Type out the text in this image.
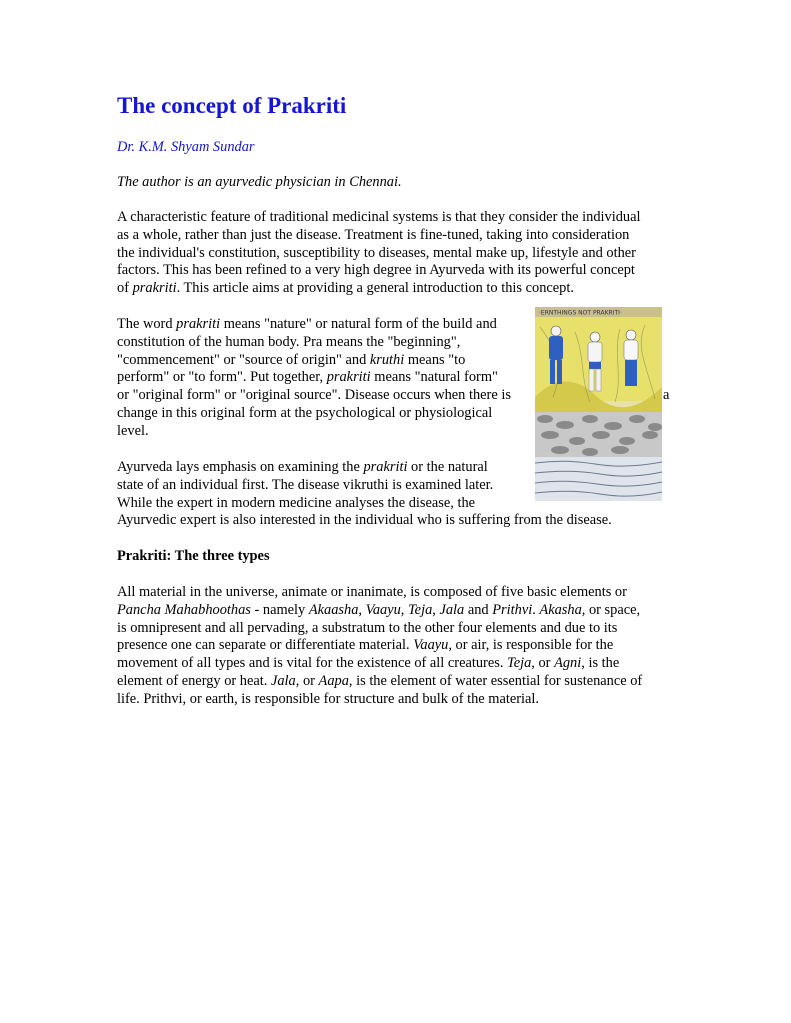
The concept of Prakriti

Dr. K.M. Shyam Sundar

The author is an ayurvedic physician in Chennai.

A characteristic feature of traditional medicinal systems is that they consider the individual

as a whole, rather than just the disease. Treatment is fine-tuned, taking into consideration

the individual's constitution, susceptibility to diseases, mental make up, lifestyle and other

factors. This has been refined to a very high degree in Ayurveda with its powerful concept

of prakriti. This article aims at providing a general introduction to this concept.

The word prakriti means "nature" or natural form of the build and

constitution of the human body. Pra means the "beginning",

"commencement" or "source of origin" and kruthi means "to

perform" or "to form". Put together, prakriti means "natural form"

or "original form" or "original source". Disease occurs when there is

change in this original form at the psychological or physiological

level.

a

Ayurveda lays emphasis on examining the prakriti or the natural

state of an individual first. The disease vikruthi is examined later.

While the expert in modern medicine analyses the disease, the

Ayurvedic expert is also interested in the individual who is suffering from the disease.

Prakriti: The three types

All material in the universe, animate or inanimate, is composed of five basic elements or

Pancha Mahabhoothas - namely Akaasha, Vaayu, Teja, Jala and Prithvi. Akasha, or space,

is omnipresent and all pervading, a substratum to the other four elements and due to its

presence one can separate or differentiate material. Vaayu, or air, is responsible for the

movement of all types and is vital for the existence of all creatures. Teja, or Agni, is the

element of energy or heat. Jala, or Aapa, is the element of water essential for sustenance of

life. Prithvi, or earth, is responsible for structure and bulk of the material.

·ERNTHINGS NOT PRAKRITI·
